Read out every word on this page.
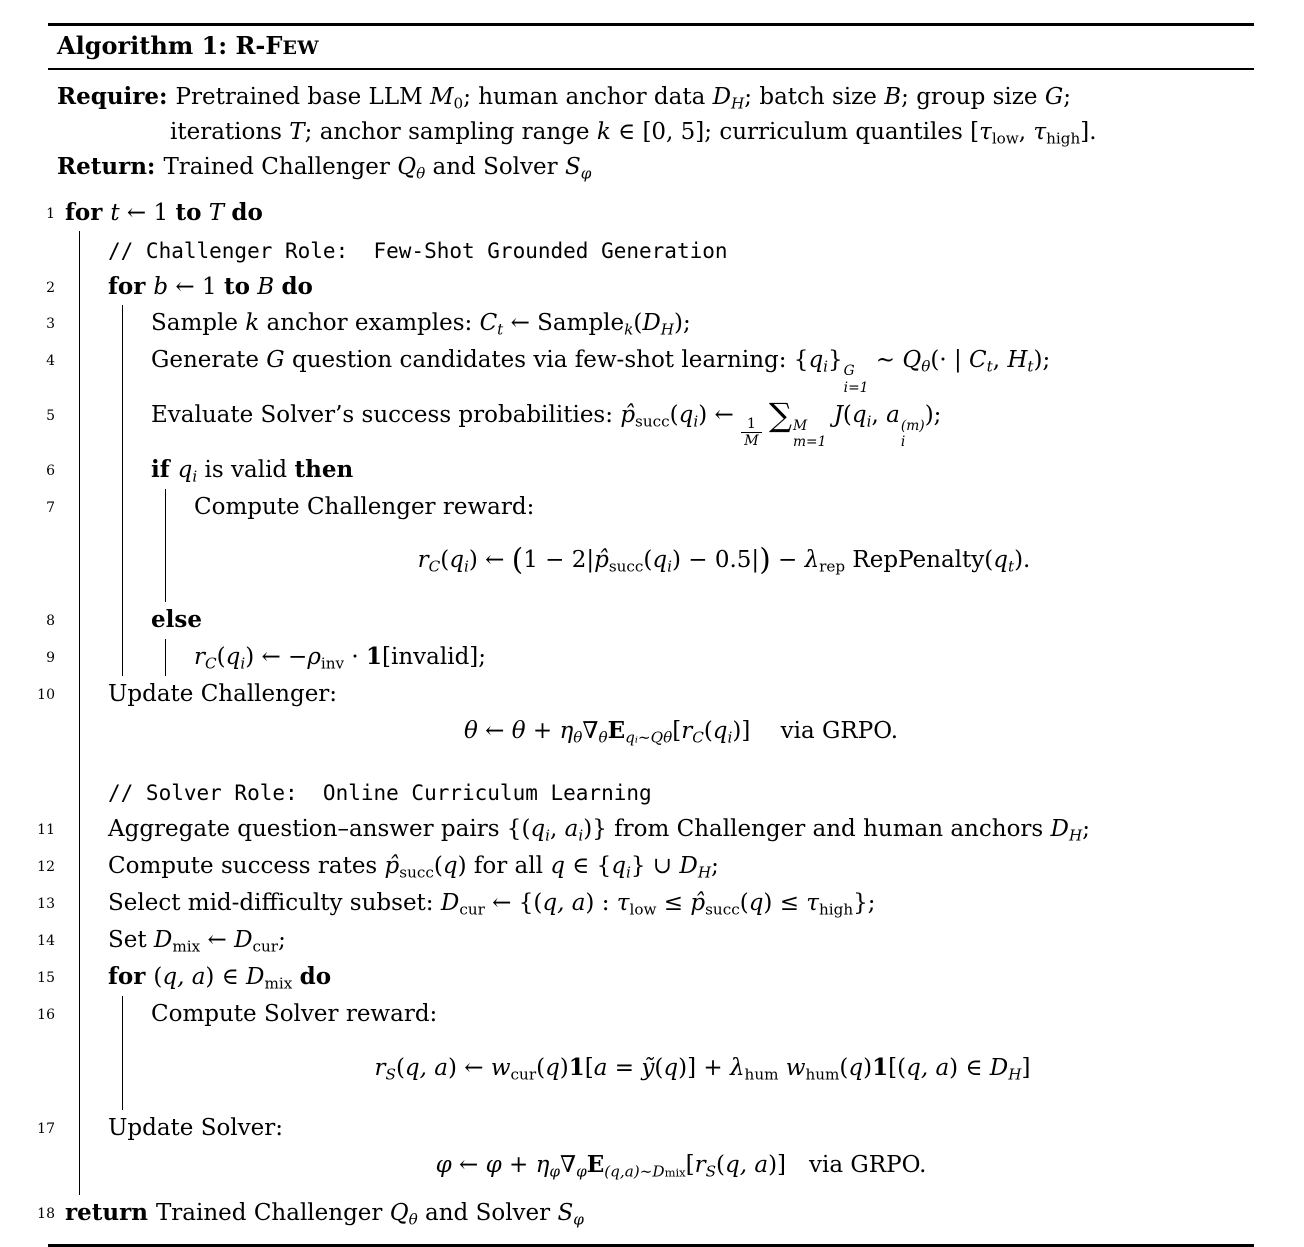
Algorithm 1: R-FEW
Require: Pretrained base LLM $M_0$; human anchor data DH; batch size B; group size G;
iterations T; anchor sampling range k ∈ [0, 5]; curriculum quantiles [$\tau_{low}$, $\tau_{high}$].
Return: Trained Challenger Qθ and Solver Sφ
1 for t ← 1 to T do
// Challenger Role:  Few-Shot Grounded Generation
2	for b ← 1 to B do
3	Sample k anchor examples: Ct ← Samplek(DH);
4	Generate G question candidates via few-shot learning: {qi} G
i=1
∼ Qθ(· | Ct, Ht);
5	Evaluate Solver’s success probabilities: $p̂_{succ}(qi)$ ←
$\frac{1}{M}$ ∑ M
m=1
J(qi, a (m)
i
);
6	if qi is valid then
7	Compute Challenger reward:
rC(qi) ← $(1 - 2|p̂_{succ}(qi) - 0.5|) - \lambda_{rep}$ RepPenalty(qt).
8	else
9	rC(qi) ← $-\rho_{inv}$ · 1[invalid];
10	Update Challenger:
θ ← θ + ηθ∇θEqᵢ∼Qθ[rC(qi)]  via GRPO.
// Solver Role:  Online Curriculum Learning
11	Aggregate question–answer pairs {(qi, ai)} from Challenger and human anchors DH;
12	Compute success rates $p̂_{succ}(q)$ for all q ∈ {qi} ∪ DH;
13	Select mid-difficulty subset: $D_{cur}$ ← {(q, a) : $\tau_{low}$ ≤ $p̂_{succ}(q) \le \tau_{high}$};
14	Set $D_{mix}$ ← $D_{cur}$;
15	for (q, a) ∈ $D_{mix}$ do
16	Compute Solver reward:
rS(q, a) ← $w_{cur}(q)1[a$ = ỹ(q)] + $\lambda_{hum}$ $w_{hum}(q)1[(q$, a) ∈ DH]
17	Update Solver:
φ ← φ + ηφ∇φE(q,a)∼Dmix[rS(q, a)] via GRPO.
18 return Trained Challenger Qθ and Solver Sφ
